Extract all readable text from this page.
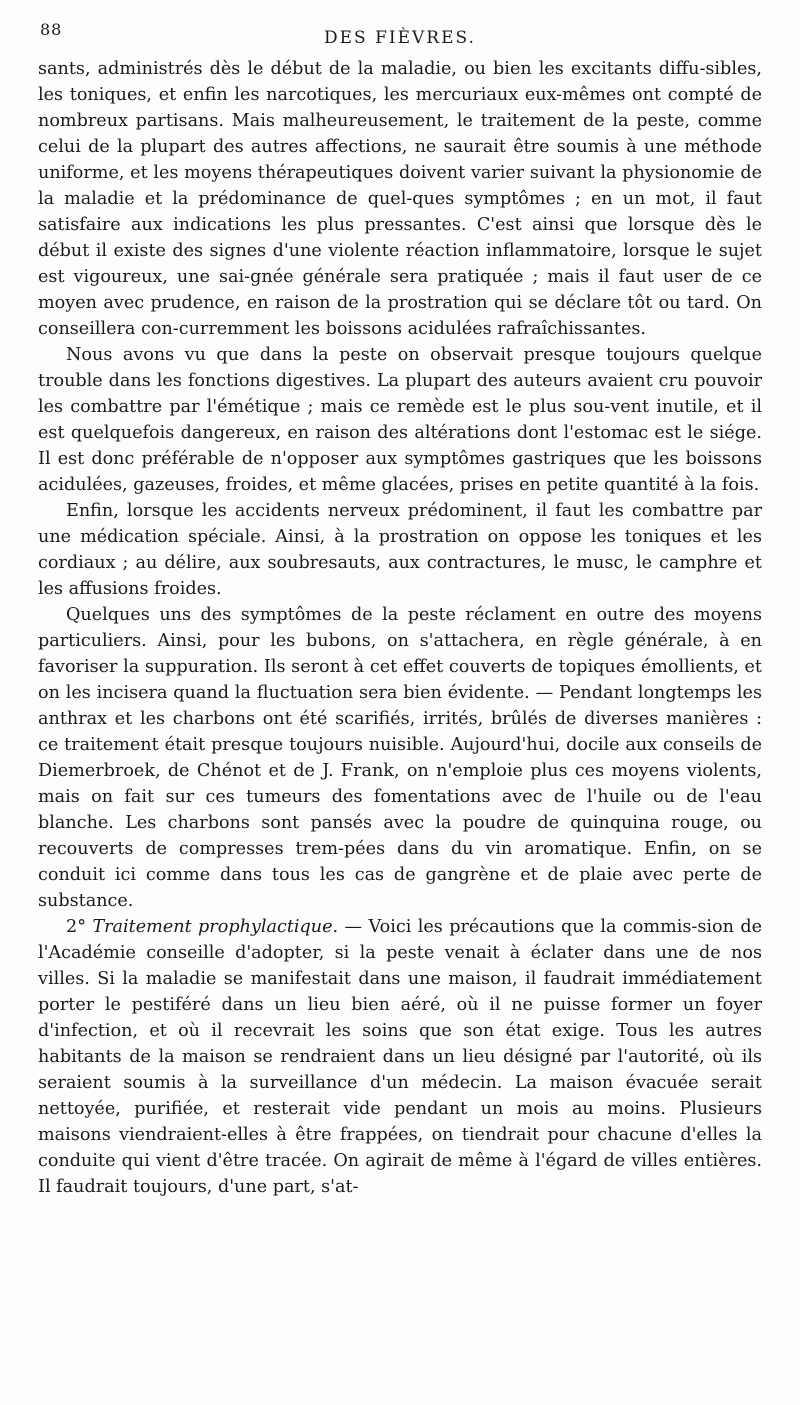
88	DES FIÈVRES.

sants, administrés dès le début de la maladie, ou bien les excitants diffu-sibles, les toniques, et enfin les narcotiques, les mercuriaux eux-mêmes ont compté de nombreux partisans. Mais malheureusement, le traitement de la peste, comme celui de la plupart des autres affections, ne saurait être soumis à une méthode uniforme, et les moyens thérapeutiques doivent varier suivant la physionomie de la maladie et la prédominance de quel-ques symptômes ; en un mot, il faut satisfaire aux indications les plus pressantes. C'est ainsi que lorsque dès le début il existe des signes d'une violente réaction inflammatoire, lorsque le sujet est vigoureux, une sai-gnée générale sera pratiquée ; mais il faut user de ce moyen avec prudence, en raison de la prostration qui se déclare tôt ou tard. On conseillera con-curremment les boissons acidulées rafraîchissantes.

Nous avons vu que dans la peste on observait presque toujours quelque trouble dans les fonctions digestives. La plupart des auteurs avaient cru pouvoir les combattre par l'émétique ; mais ce remède est le plus sou-vent inutile, et il est quelquefois dangereux, en raison des altérations dont l'estomac est le siége. Il est donc préférable de n'opposer aux symptômes gastriques que les boissons acidulées, gazeuses, froides, et même glacées, prises en petite quantité à la fois.

Enfin, lorsque les accidents nerveux prédominent, il faut les combattre par une médication spéciale. Ainsi, à la prostration on oppose les toniques et les cordiaux ; au délire, aux soubresauts, aux contractures, le musc, le camphre et les affusions froides.

Quelques uns des symptômes de la peste réclament en outre des moyens particuliers. Ainsi, pour les bubons, on s'attachera, en règle générale, à en favoriser la suppuration. Ils seront à cet effet couverts de topiques émollients, et on les incisera quand la fluctuation sera bien évidente. — Pendant longtemps les anthrax et les charbons ont été scarifiés, irrités, brûlés de diverses manières : ce traitement était presque toujours nuisible. Aujourd'hui, docile aux conseils de Diemerbroek, de Chénot et de J. Frank, on n'emploie plus ces moyens violents, mais on fait sur ces tumeurs des fomentations avec de l'huile ou de l'eau blanche. Les charbons sont pansés avec la poudre de quinquina rouge, ou recouverts de compresses trem-pées dans du vin aromatique. Enfin, on se conduit ici comme dans tous les cas de gangrène et de plaie avec perte de substance.

2° Traitement prophylactique. — Voici les précautions que la commis-sion de l'Académie conseille d'adopter, si la peste venait à éclater dans une de nos villes. Si la maladie se manifestait dans une maison, il faudrait immédiatement porter le pestiféré dans un lieu bien aéré, où il ne puisse former un foyer d'infection, et où il recevrait les soins que son état exige. Tous les autres habitants de la maison se rendraient dans un lieu désigné par l'autorité, où ils seraient soumis à la surveillance d'un médecin. La maison évacuée serait nettoyée, purifiée, et resterait vide pendant un mois au moins. Plusieurs maisons viendraient-elles à être frappées, on tiendrait pour chacune d'elles la conduite qui vient d'être tracée. On agirait de même à l'égard de villes entières. Il faudrait toujours, d'une part, s'at-
